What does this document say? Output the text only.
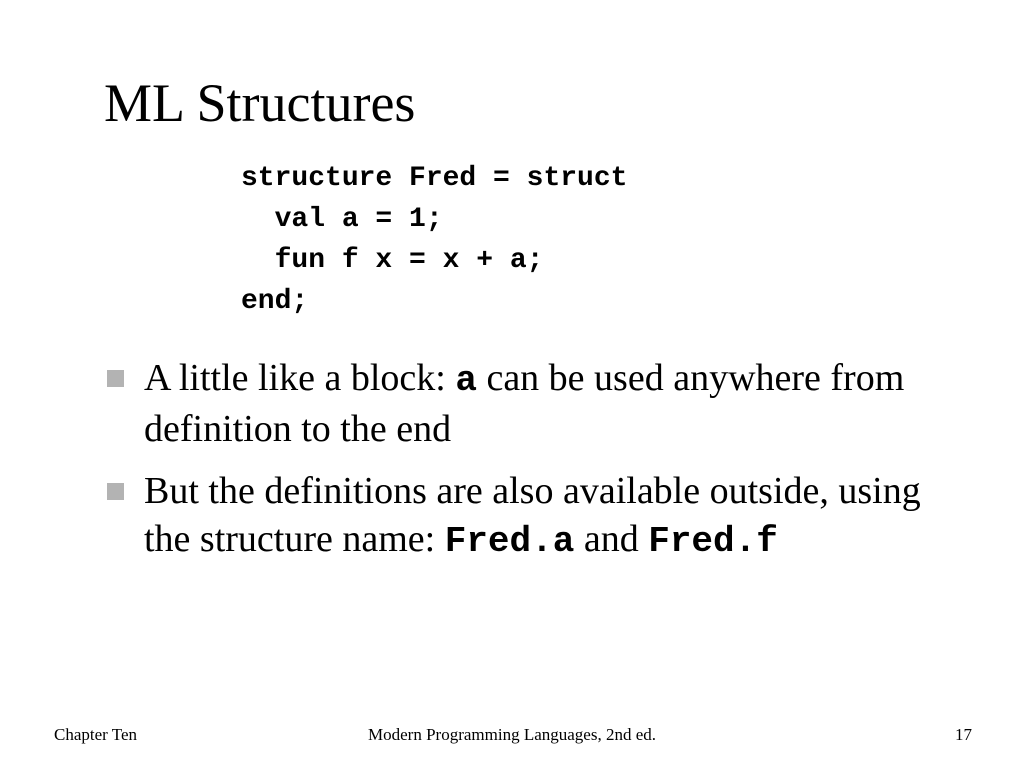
ML Structures
structure Fred = struct
val a = 1;
fun f x = x + a;
end;
A little like a block: a can be used anywhere from definition to the end
But the definitions are also available outside, using the structure name: Fred.a and Fred.f
Chapter Ten	Modern Programming Languages, 2nd ed.	17
